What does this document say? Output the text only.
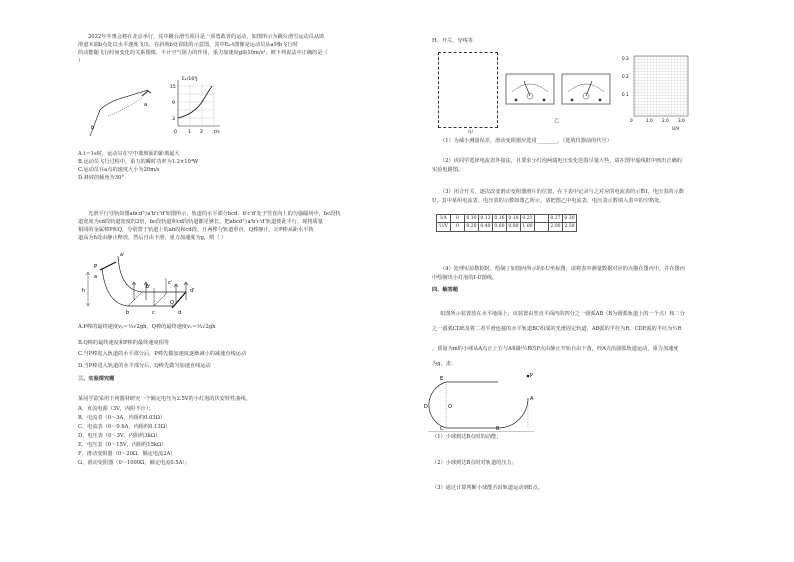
2022年冬奥会将在北京举行，其中跳台滑雪项目是一项勇敢者的运动，如图所示为跳台滑雪运动员从助
滑道末端b点处以水平速度飞出，在斜坡b处着陆的示意图，其中Eₖ-t图像是运动员从a到b飞行时
的动能随飞行时间变化的关系图像，不计空气阻力的作用，重力加速度g取10m/s²，则下列说法中正确的是（
）
b
a
Eₖ/10³J
15
9
3
0 1 2 t/s
A.t＝1s时，运动员在空中离坡面的距离最大
B.运动员飞行过程中，重力的瞬时功率为1.2×10⁴W
C.运动员在a点的速度大小为20m/s
D.斜坡的倾角为30°
光滑平行导轨如图abcd与a'b'c'd'如图所示，轨道的水平部分bcd、b'c'd'处于竖直向上的匀强磁场中，bc段轨
道宽度为cd段轨道宽度的2倍，bc段轨道和cd段轨道都足够长，把abcd与a'b'c'd'轨道彼此平行，现将质量
相同的金属棒P和Q，分别置于轨道上的ab段和cd段，且两棒与轨道垂直，Q棒静止，让P棒从距水平轨
道高为h处由静止释放，然后自由下滑，重力加速度为g，则（ ）
P
a'
b'
c'
d'
a
h
b	c	d
Q
A.P棒的最终速度vₚ＝⅓√2gh，Q棒的最终速度vₒ＝⅔√2gh
B.Q棒的最终速度和P棒的最终速度相等
C.当P棒进入轨道的水平部分后，P棒先做加速度逐渐减小的减速直线运动
D.当P棒进入轨道的水平部分后，Q棒先做匀加速直线运动
三、实验探究题
某同学欲采用下列器材研究一个额定电压为2.5V的小灯泡的伏安特性曲线。
A、直流电源（3V，内阻不计）；
B、电流表（0～3A，内阻约0.03Ω）
C、电流表（0～0.6A，内阻约0.13Ω）
D、电压表（0～3V，内阻约3kΩ）
E、电压表（0～15V，内阻约15kΩ）
F、滑动变阻器（0～20Ω，额定电流2A）
G、滑动变阻器（0～1000Ω，额定电流0.5A）；
H、开关、导线等
0.3
0.2
0.1
0	1.0 2.0 3.0
U/V
甲
乙
（1）为减小测量误差，滑动变阻器应选用________。（选填仪器前的代号）
（2）该同学选择电流表外接法，且要求小灯泡两端电压变化范围尽量大些，请在图甲虚线框中画出正确的
实验电路图。
（3）闭合开关，逐次改变滑动变阻器滑片的位置，在下表中记录与之对应的电流表的示数I，电压表的示数
U，其中某组电流表、电压表的示数如图乙所示，请把图乙中电流表、电压表示数填入表中的空格处。
I/A	0	0.10	0.13	0.16	0.18	0.21		0.27	0.30
U/V	0	0.20	0.40	0.60	0.80	1.00		2.00	2.50
（4）处理实验数据时，绘制了如图丙所示的I-U坐标图，请将表中测量数据对应的点描在图丙中，并在图丙
中绘制出小灯泡的I-U图线。
四、解答题
如图所示装置放在水平地面上，该装置由竖直平面内的四分之一圆弧AB（B为圆弧轨道上的一个点）和二分
之一圆弧CDE及将二者平滑连接的水平轨道BC组成的光滑固定轨道，AB弧的半径为R，CDE弧的半径为½R
，质量为m的小球从A点正上方与A相距½R的P点由静止开始自由下落，经A点沿圆弧轨道运动，重力加速度
为g，求：
P
A
E
D	O
C	B
（1）小球到达B点时的动能；
（2）小球到达B点时对轨道的压力；
（3）通过计算判断小球能否沿轨道运动到E点。
